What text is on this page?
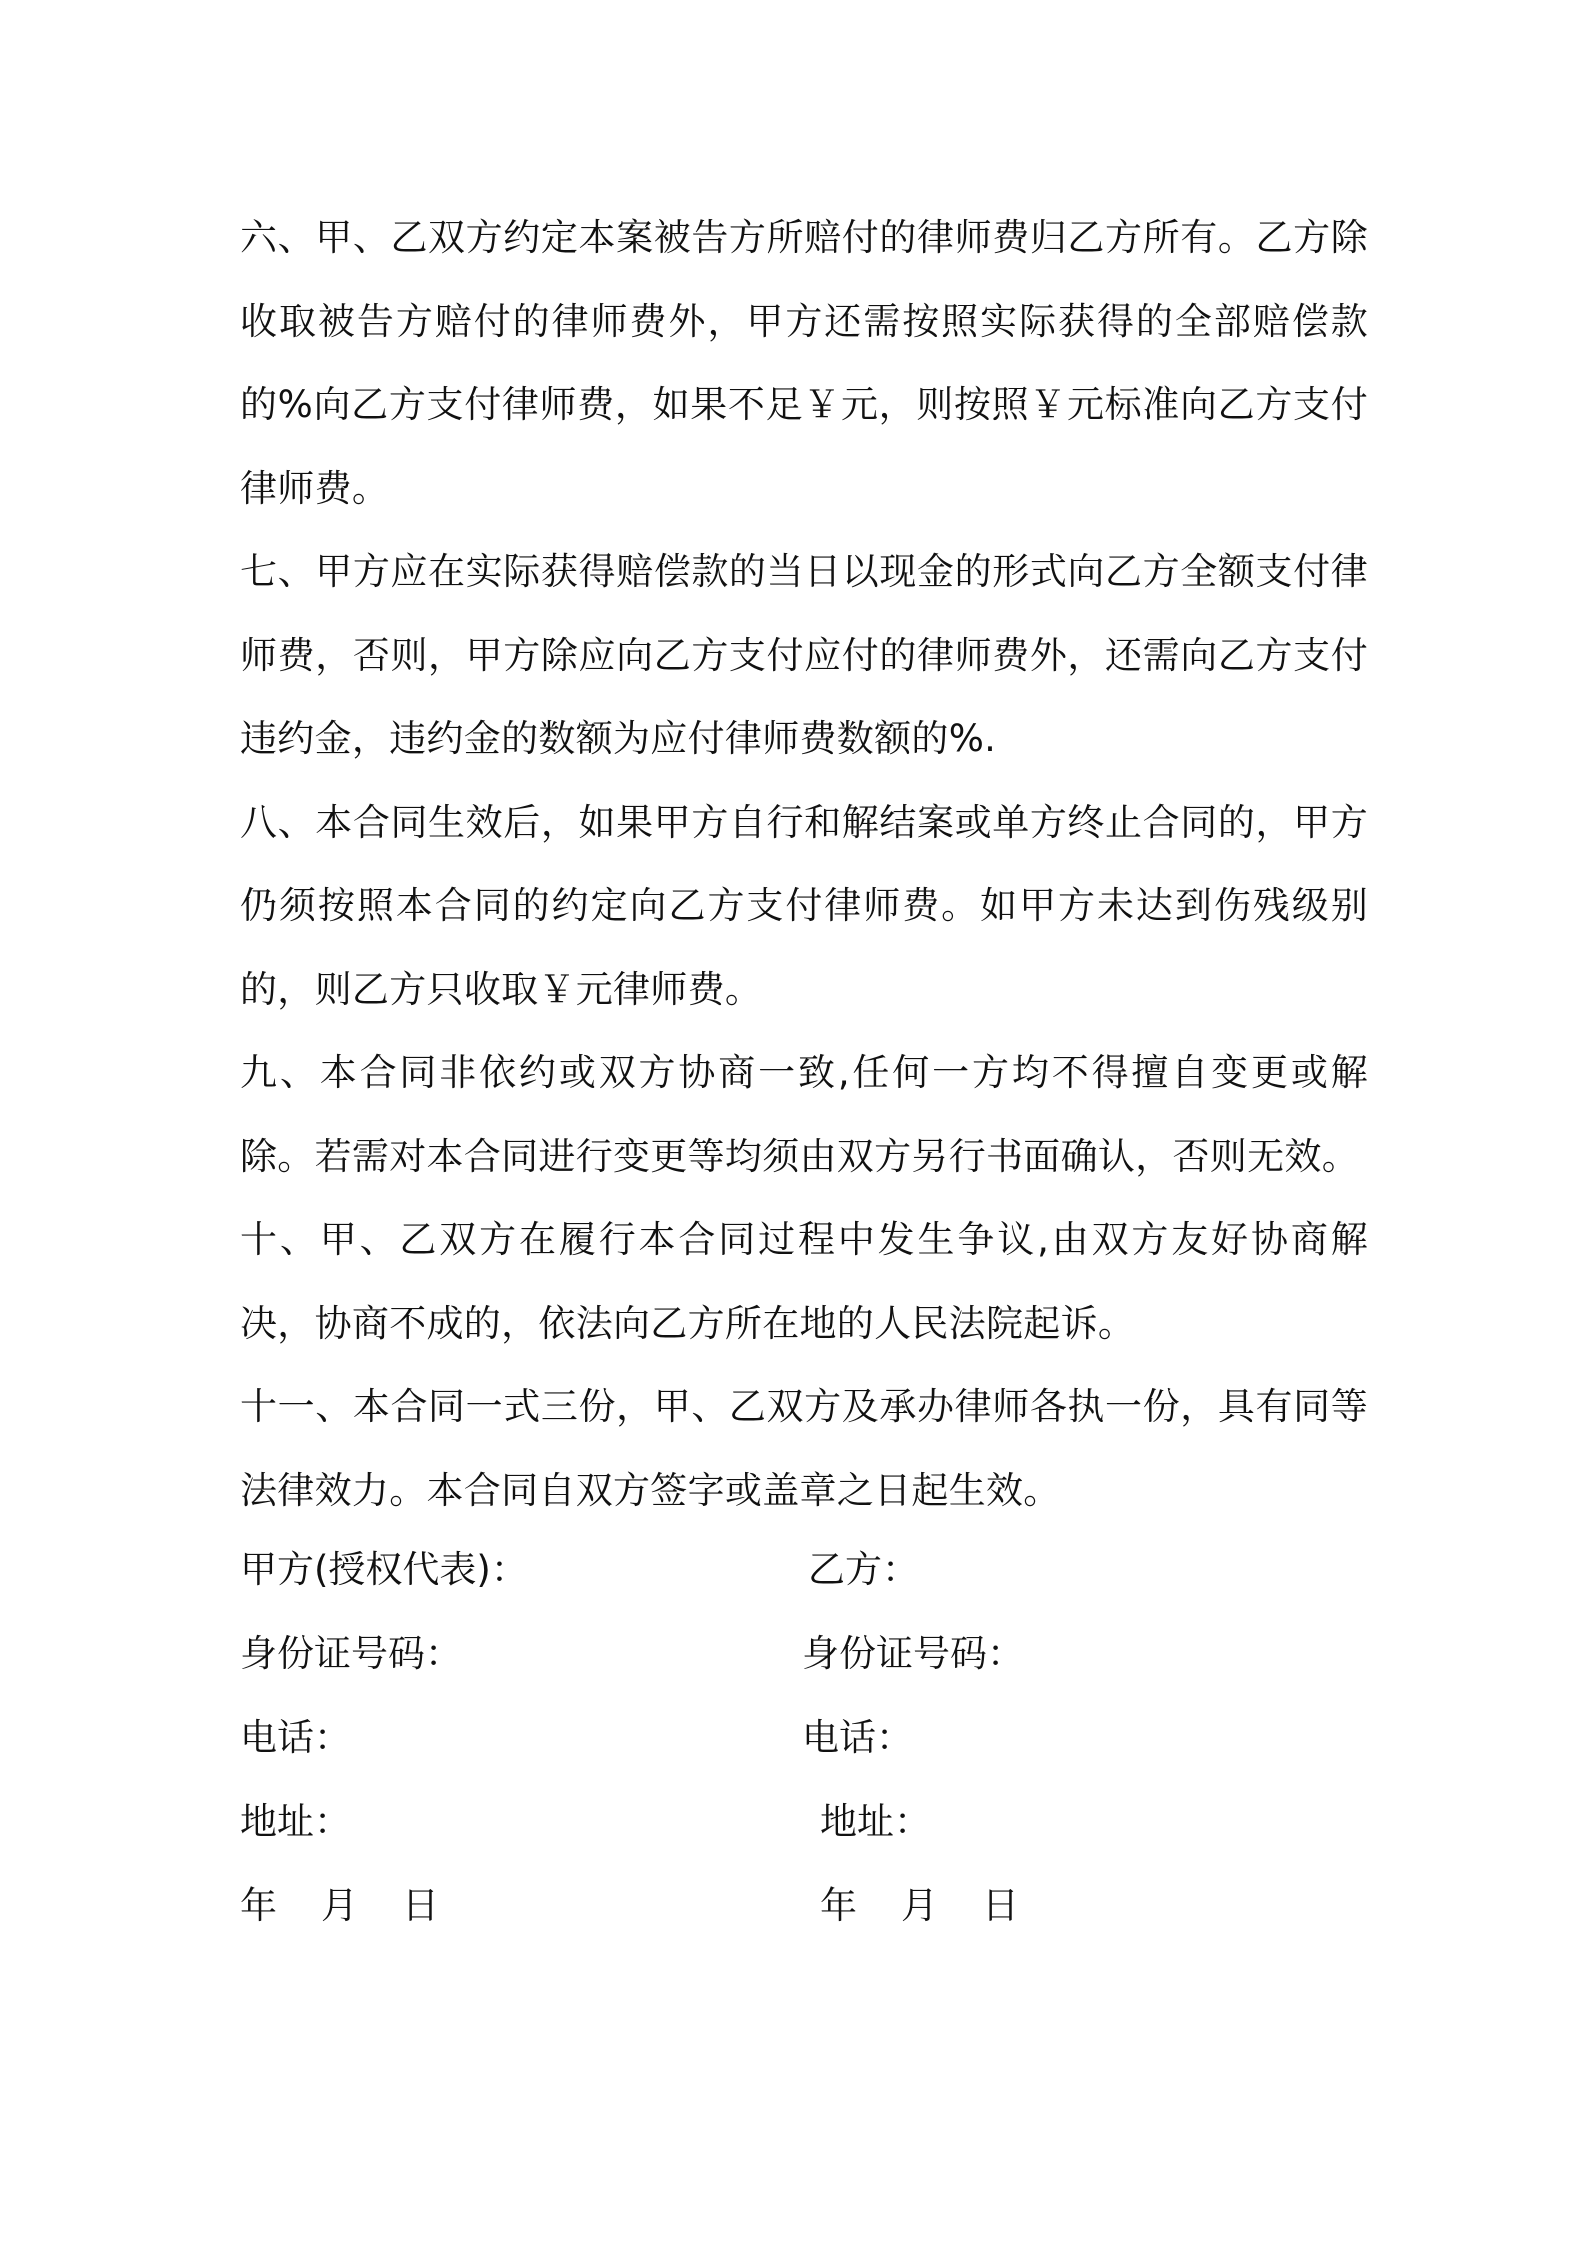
六、甲、乙双方约定本案被告方所赔付的律师费归乙方所有。乙方除收取被告方赔付的律师费外，甲方还需按照实际获得的全部赔偿款的%向乙方支付律师费，如果不足￥元，则按照￥元标准向乙方支付律师费。

七、甲方应在实际获得赔偿款的当日以现金的形式向乙方全额支付律师费，否则，甲方除应向乙方支付应付的律师费外，还需向乙方支付违约金，违约金的数额为应付律师费数额的%.

八、本合同生效后，如果甲方自行和解结案或单方终止合同的，甲方仍须按照本合同的约定向乙方支付律师费。如甲方未达到伤残级别的，则乙方只收取￥元律师费。

九、本合同非依约或双方协商一致,任何一方均不得擅自变更或解除。若需对本合同进行变更等均须由双方另行书面确认，否则无效。

十、甲、乙双方在履行本合同过程中发生争议,由双方友好协商解决，协商不成的，依法向乙方所在地的人民法院起诉。

十一、本合同一式三份，甲、乙双方及承办律师各执一份，具有同等法律效力。本合同自双方签字或盖章之日起生效。

甲方(授权代表)：	乙方：
身份证号码：	身份证号码：
电话：	电话：
地址：	地址：
年 月 日	年 月 日
